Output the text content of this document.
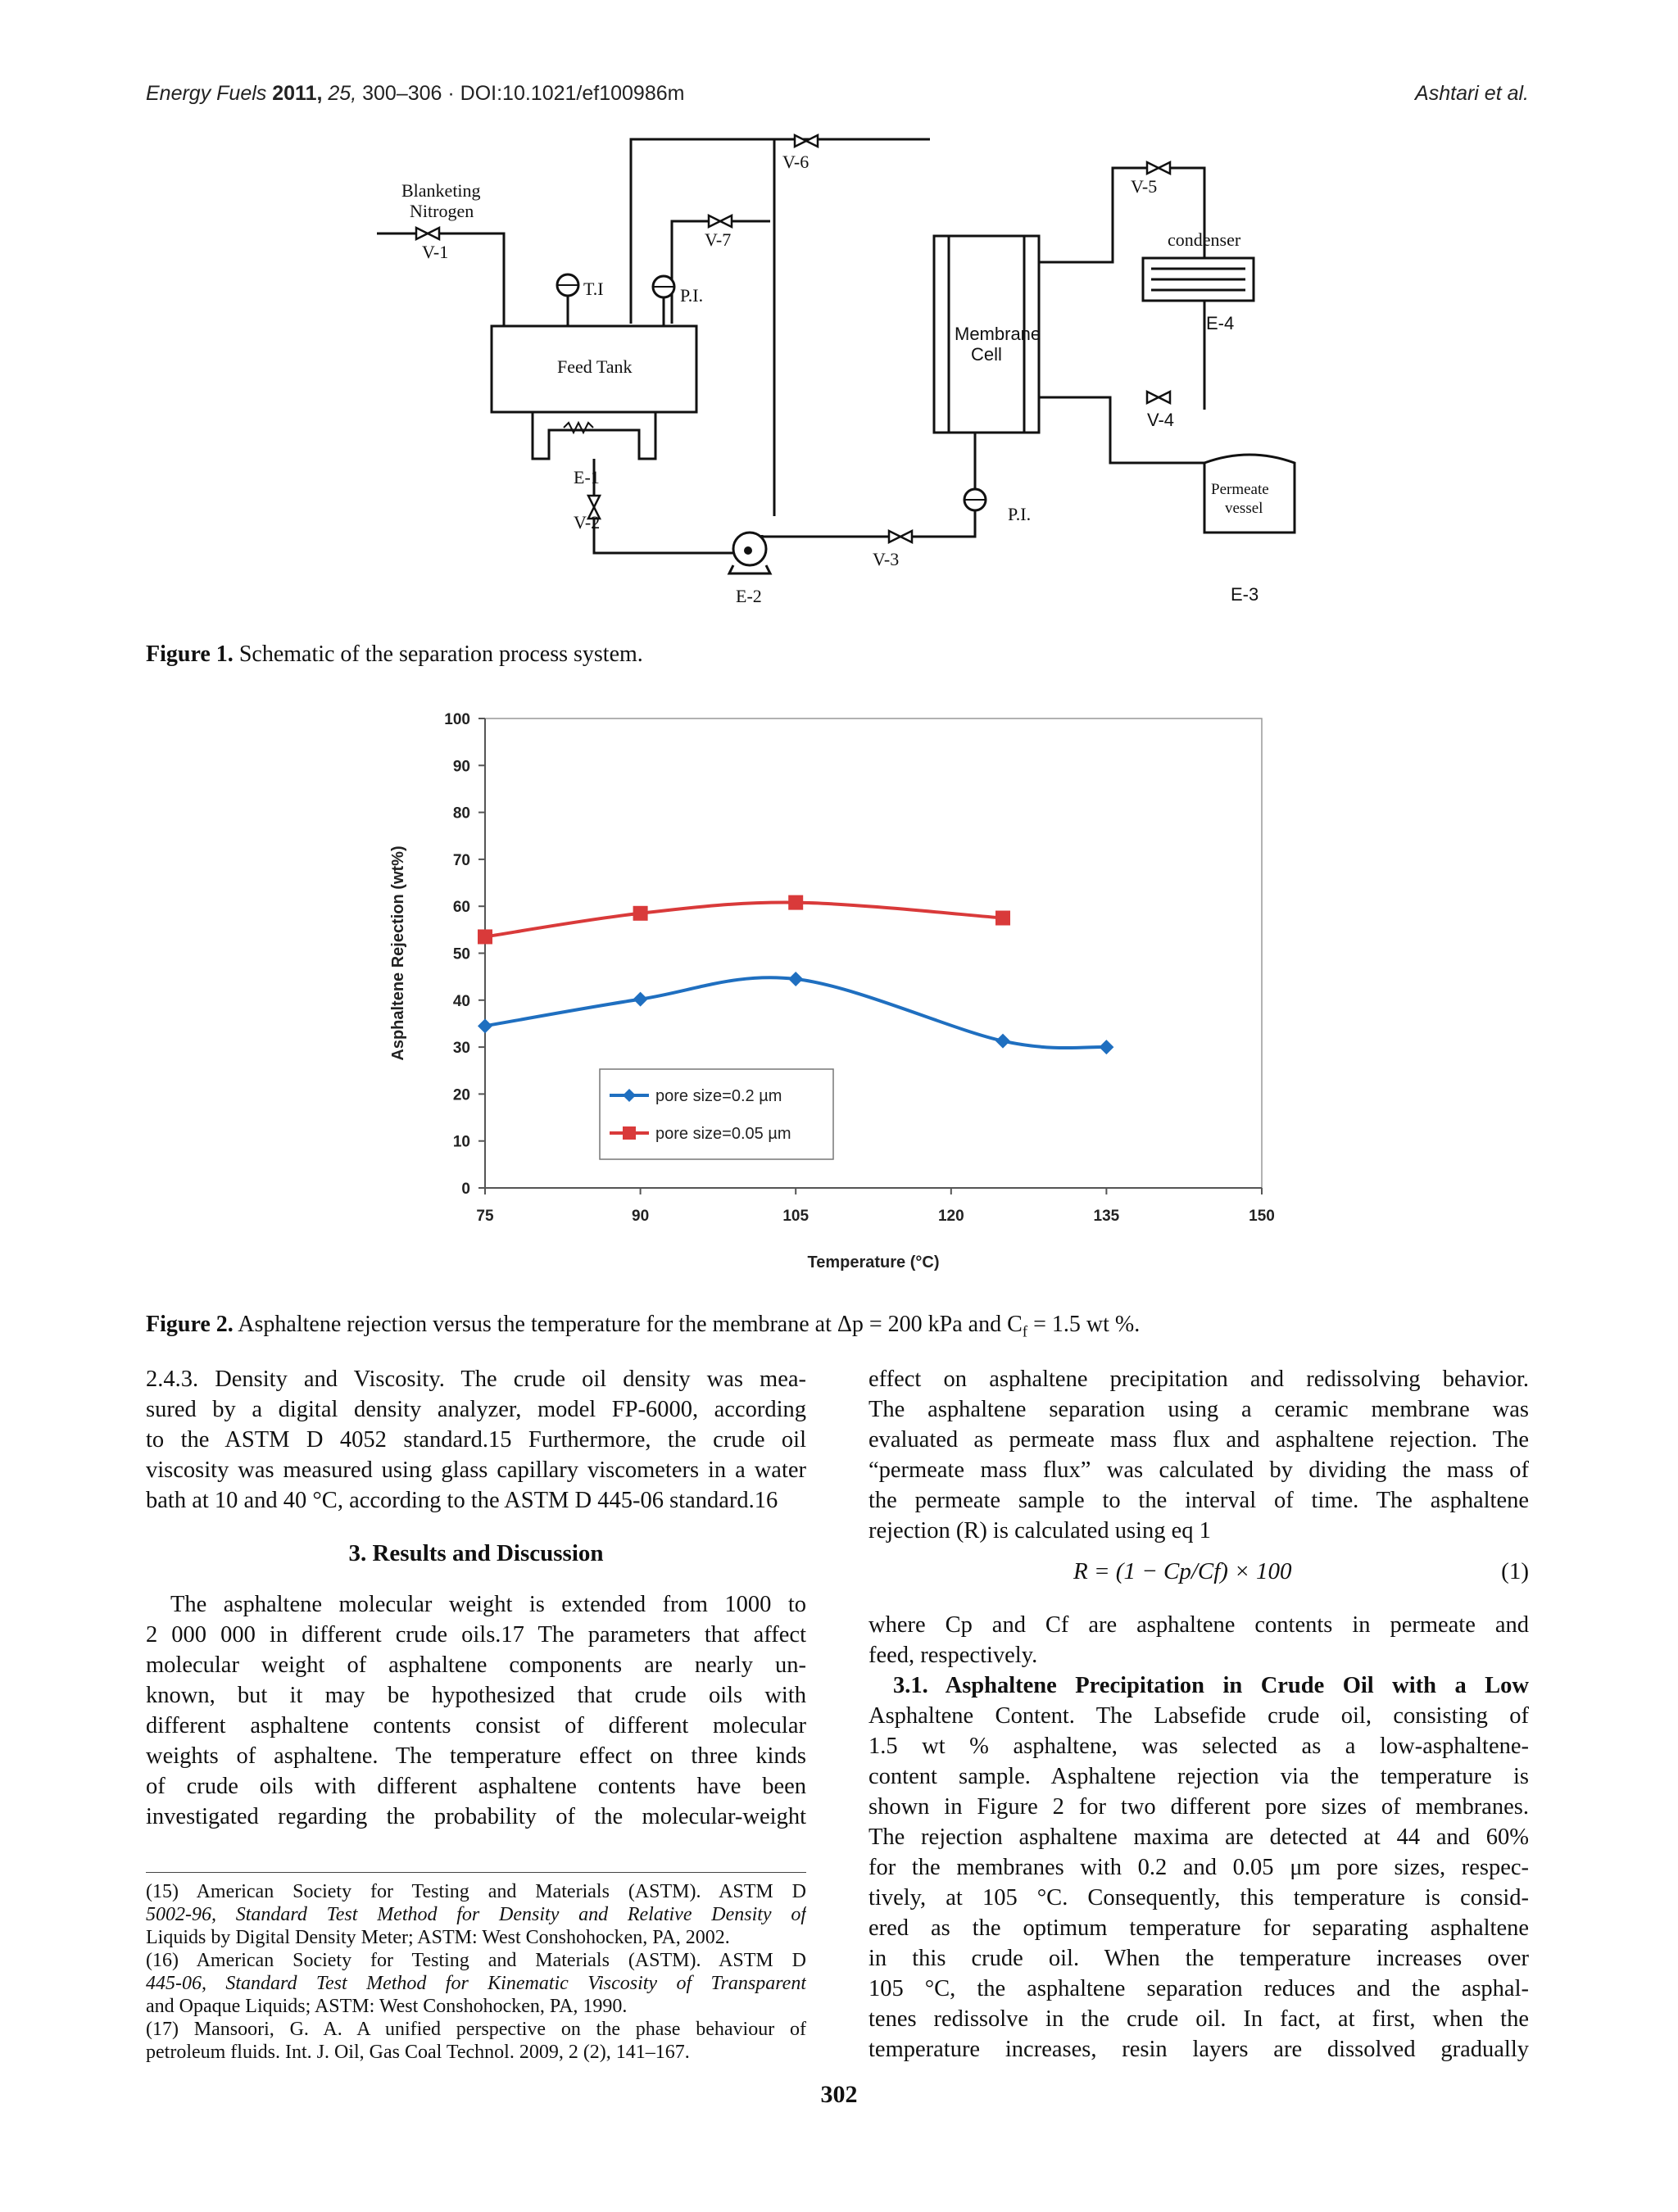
Energy Fuels 2011, 25, 300–306 · DOI:10.1021/ef100986m	Ashtari et al.
Blanketing
Nitrogen
V-1
V-6
V-7
T.I	P.I.
Feed Tank
E-1
V-2
V-3
E-2
V-5
condenser
P.I.
V-4
E-4
E-3
Permeate
vessel
Membrane
Cell
Figure 1. Schematic of the separation process system.
0
10
20
30
40
50
60
70
80
90
100
75	90	105	120	135	150
Temperature (°C)
Asphaltene Rejection (wt%)
pore size=0.2 µm
pore size=0.05 µm
Figure 2. Asphaltene rejection versus the temperature for the membrane at Δp = 200 kPa and $C_f = 1.5$ wt %.
2.4.3. Density and Viscosity. The crude oil density was mea-
sured by a digital density analyzer, model FP-6000, according
to the ASTM D 4052 standard.15 Furthermore, the crude oil
viscosity was measured using glass capillary viscometers in a water
bath at 10 and 40 °C, according to the ASTM D 445-06 standard.16
3. Results and Discussion
The asphaltene molecular weight is extended from 1000 to
2 000 000 in different crude oils.17 The parameters that affect
molecular weight of asphaltene components are nearly un-
known, but it may be hypothesized that crude oils with
different asphaltene contents consist of different molecular
weights of asphaltene. The temperature effect on three kinds
of crude oils with different asphaltene contents have been
investigated regarding the probability of the molecular-weight
(15) American Society for Testing and Materials (ASTM). ASTM D
5002-96, Standard Test Method for Density and Relative Density of
Liquids by Digital Density Meter; ASTM: West Conshohocken, PA, 2002.
(16) American Society for Testing and Materials (ASTM). ASTM D
445-06, Standard Test Method for Kinematic Viscosity of Transparent
and Opaque Liquids; ASTM: West Conshohocken, PA, 1990.
(17) Mansoori, G. A. A unified perspective on the phase behaviour of
petroleum fluids. Int. J. Oil, Gas Coal Technol. 2009, 2 (2), 141–167.
effect on asphaltene precipitation and redissolving behavior.
The asphaltene separation using a ceramic membrane was
evaluated as permeate mass flux and asphaltene rejection. The
“permeate mass flux” was calculated by dividing the mass of
the permeate sample to the interval of time. The asphaltene
rejection (R) is calculated using eq 1
R = (1 − Cp/Cf) × 100	(1)
where Cp and Cf are asphaltene contents in permeate and
feed, respectively.
3.1. Asphaltene Precipitation in Crude Oil with a Low
Asphaltene Content. The Labsefide crude oil, consisting of
1.5 wt % asphaltene, was selected as a low-asphaltene-
content sample. Asphaltene rejection via the temperature is
shown in Figure 2 for two different pore sizes of membranes.
The rejection asphaltene maxima are detected at 44 and 60%
for the membranes with 0.2 and 0.05 μm pore sizes, respec-
tively, at 105 °C. Consequently, this temperature is consid-
ered as the optimum temperature for separating asphaltene
in this crude oil. When the temperature increases over
105 °C, the asphaltene separation reduces and the asphal-
tenes redissolve in the crude oil. In fact, at first, when the
temperature increases, resin layers are dissolved gradually
302
